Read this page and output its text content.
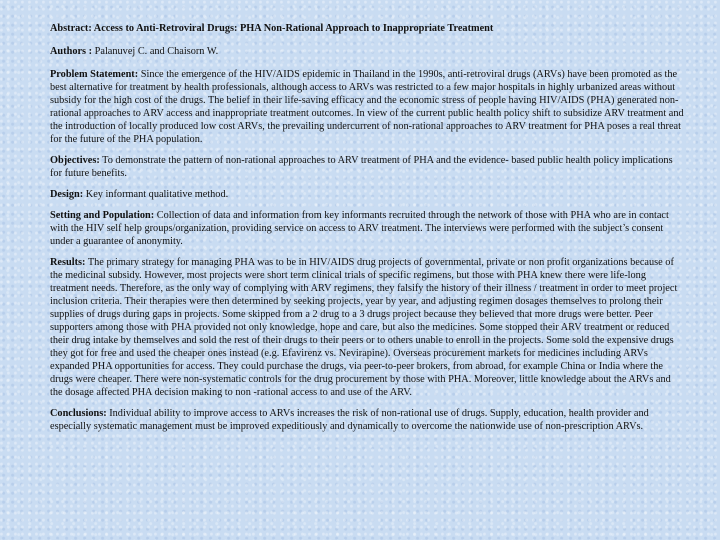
Abstract: Access to Anti-Retroviral Drugs: PHA Non-Rational Approach to Inappropriate Treatment
Authors : Palanuvej C. and Chaisorn W.

Problem Statement: Since the emergence of the HIV/AIDS epidemic in Thailand in the 1990s, anti-retroviral drugs (ARVs) have been promoted as the best alternative for treatment by health professionals, although access to ARVs was restricted to a few major hospitals in highly urbanized areas without subsidy for the high cost of the drugs. The belief in their life-saving efficacy and the economic stress of people having HIV/AIDS (PHA) generated non-rational approaches to ARV access and inappropriate treatment outcomes. In view of the current public health policy shift to subsidize ARV treatment and the introduction of locally produced low cost ARVs, the prevailing undercurrent of non-rational approaches to ARV treatment for PHA poses a real threat for the future of the PHA population.

Objectives: To demonstrate the pattern of non-rational approaches to ARV treatment of PHA and the evidence- based public health policy implications for future benefits.

Design: Key informant qualitative method.

Setting and Population: Collection of data and information from key informants recruited through the network of those with PHA who are in contact with the HIV self help groups/organization, providing service on access to ARV treatment. The interviews were performed with the subject’s consent under a guarantee of anonymity.

Results: The primary strategy for managing PHA was to be in HIV/AIDS drug projects of governmental, private or non profit organizations because of the medicinal subsidy. However, most projects were short term clinical trials of specific regimens, but those with PHA knew there were life-long treatment needs. Therefore, as the only way of complying with ARV regimens, they falsify the history of their illness / treatment in order to meet project inclusion criteria. Their therapies were then determined by seeking projects, year by year, and adjusting regimen dosages themselves to prolong their supplies of drugs during gaps in projects. Some skipped from a 2 drug to a 3 drugs project because they believed that more drugs were better. Peer supporters among those with PHA provided not only knowledge, hope and care, but also the medicines. Some stopped their ARV treatment or reduced their drug intake by themselves and sold the rest of their drugs to their peers or to others unable to enroll in the projects. Some sold the expensive drugs they got for free and used the cheaper ones instead (e.g. Efavirenz vs. Nevirapine). Overseas procurement markets for medicines including ARVs expanded PHA opportunities for access. They could purchase the drugs, via peer-to-peer brokers, from abroad, for example China or India where the drugs were cheaper. There were non-systematic controls for the drug procurement by those with PHA. Moreover, little knowledge about the ARVs and the dosage affected PHA decision making to non -rational access to and use of the ARV.

Conclusions: Individual ability to improve access to ARVs increases the risk of non-rational use of drugs. Supply, education, health provider and especially systematic management must be improved expeditiously and dynamically to overcome the nationwide use of non-prescription ARVs.
